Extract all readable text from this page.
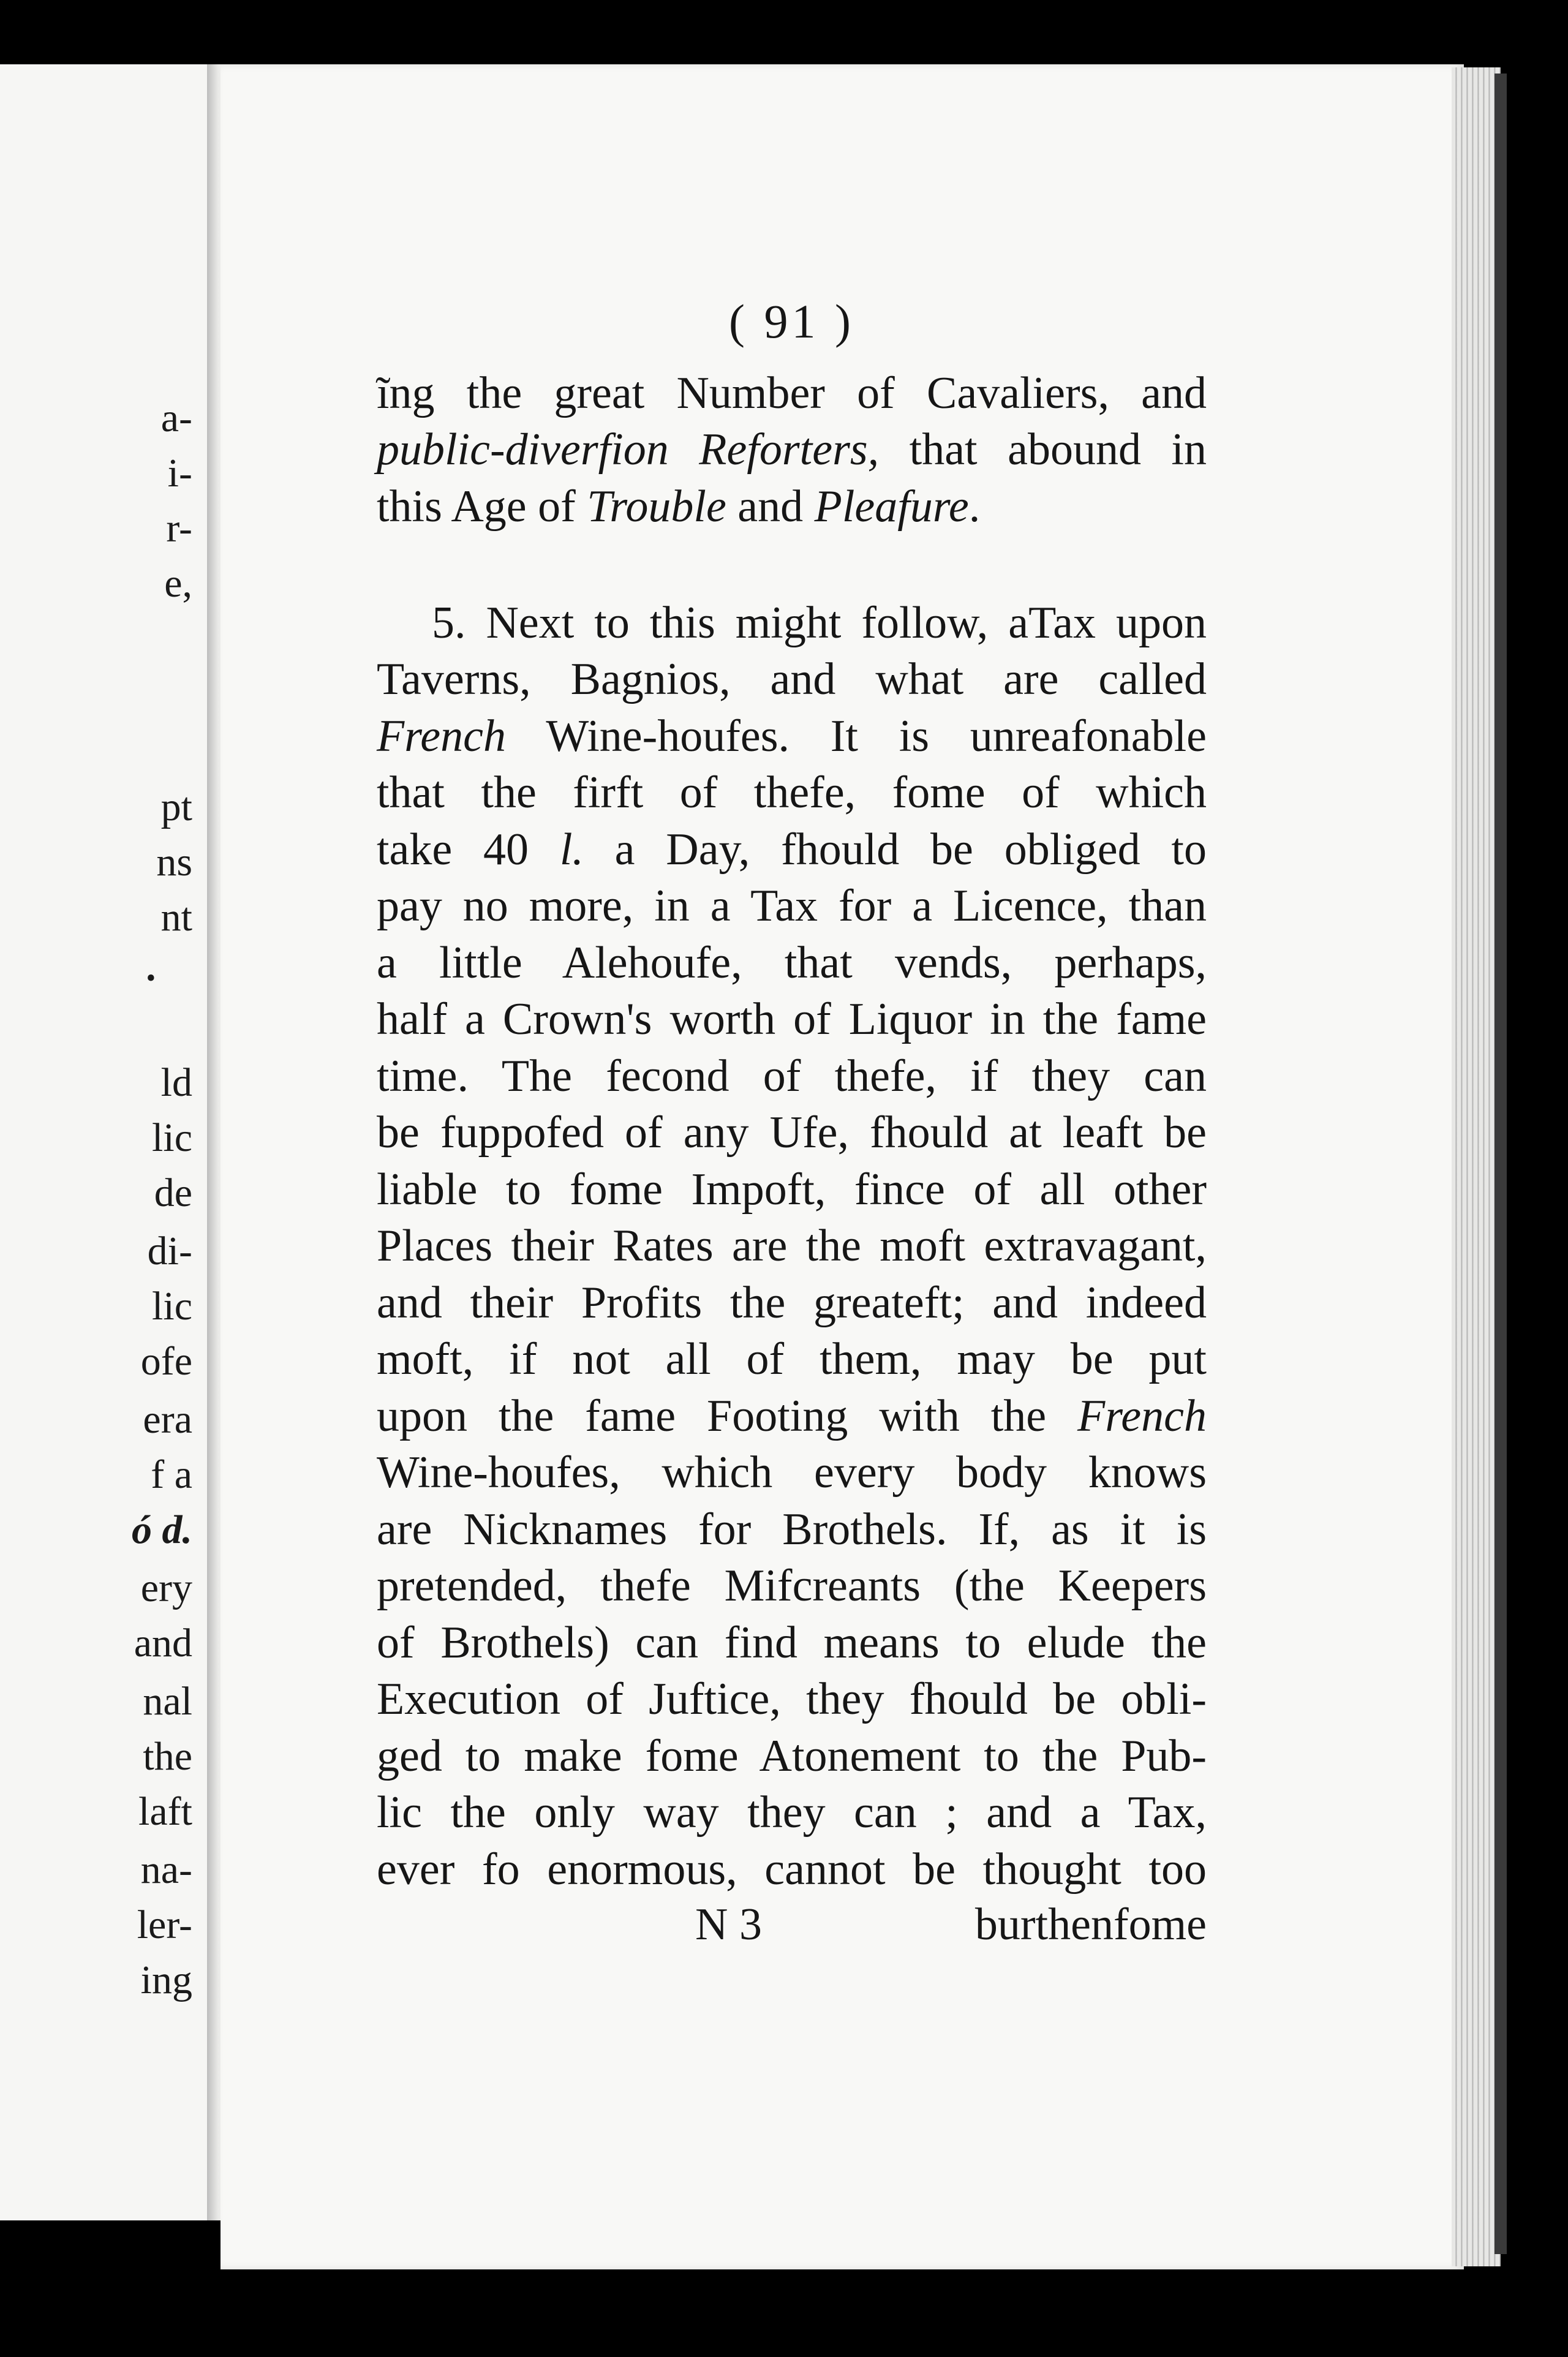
a-
i-
r-
e,
pt
ns
nt
•
ld
lic
de
di-
lic
ofe
era
f a
ó d.
ery
and
nal
the
laft
na-
ler-
ing
( 91 )
ĩng the great Number of Cavaliers, and
public-diverfion Reforters, that abound in
this Age of Trouble and Pleafure.
5. Next to this might follow, aTax upon
Taverns, Bagnios, and what are called
French Wine-houfes. It is unreafonable
that the firft of thefe, fome of which
take 40 l. a Day, fhould be obliged to
pay no more, in a Tax for a Licence, than
a little Alehoufe, that vends, perhaps,
half a Crown's worth of Liquor in the fame
time. The fecond of thefe, if they can
be fuppofed of any Ufe, fhould at leaft be
liable to fome Impoft, fince of all other
Places their Rates are the moft extravagant,
and their Profits the greateft; and indeed
moft, if not all of them, may be put
upon the fame Footing with the French
Wine-houfes, which every body knows
are Nicknames for Brothels. If, as it is
pretended, thefe Mifcreants (the Keepers
of Brothels) can find means to elude the
Execution of Juftice, they fhould be obli-
ged to make fome Atonement to the Pub-
lic the only way they can ; and a Tax,
ever fo enormous, cannot be thought too
N 3	burthenfome
